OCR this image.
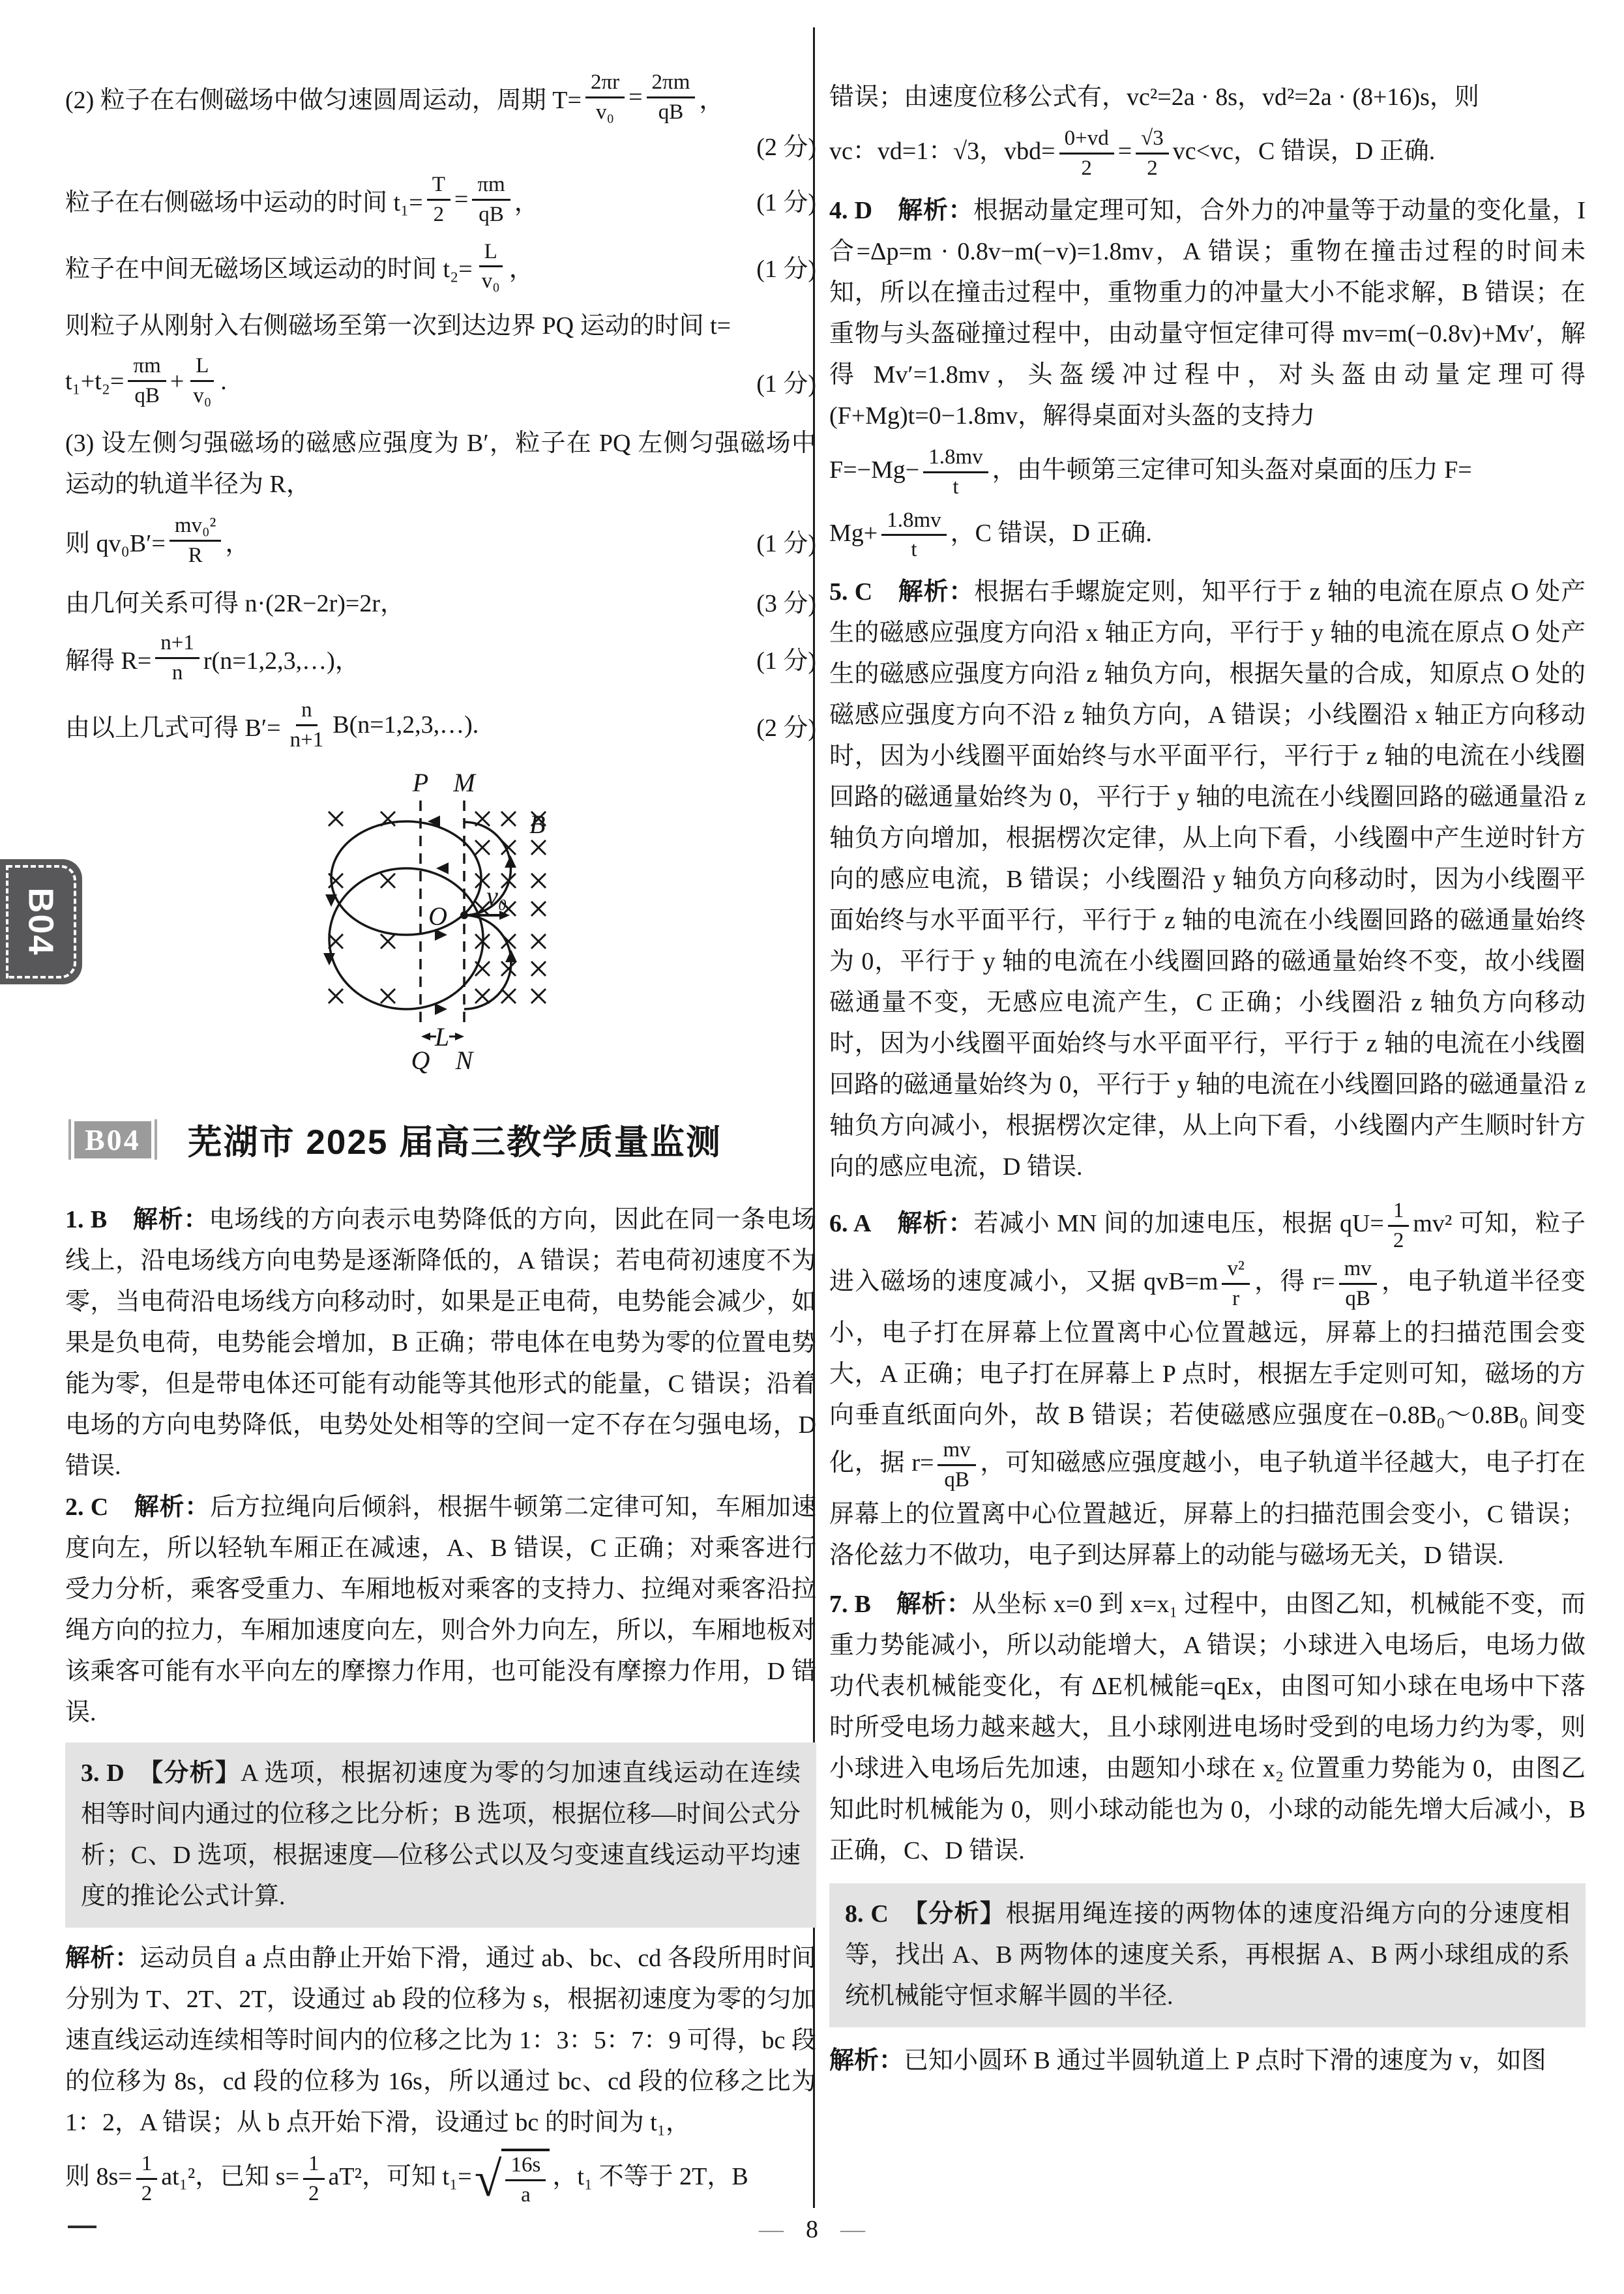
B04
(2) 粒子在右侧磁场中做匀速圆周运动，周期 $T= \frac{2\pi r}{\text{v₀}} = \frac{2\pi m}{qB}$ ，
(2 分)
粒子在右侧磁场中运动的时间 $t_1= \frac{T}{2} = \frac{\pi m}{qB}$ ，	(1 分)
粒子在中间无磁场区域运动的时间 $t_2= \frac{L}{\text{v₀}}$ ，	(1 分)

则粒子从刚射入右侧磁场至第一次到达边界 PQ 运动的时间 t=

$t_1+t_2= \frac{\pi m}{qB} + \frac{L}{\text{v₀}}$ .	(1 分)

(3) 设左侧匀强磁场的磁感应强度为 B′，粒子在 PQ 左侧匀强磁场中运动的轨道半径为 R，

则 $qv_0B'= \frac{\text{mv₀²}}{R}$ ，	(1 分)
由几何关系可得 n·(2R−2r)=2r，	(3 分)
解得 $R= \frac{n+1}{n}$ r(n=1,2,3,…)，	(1 分)
由以上几式可得 $B'= \frac{n}{n+1}$ B(n=1,2,3,…).	(2 分)
P M
Q N
B
O
v₀
L
B04	芜湖市 2025 届高三教学质量监测

1. B　 解析：电场线的方向表示电势降低的方向，因此在同一条电场线上，沿电场线方向电势是逐渐降低的，A 错误；若电荷初速度不为零，当电荷沿电场线方向移动时，如果是正电荷，电势能会减少，如果是负电荷，电势能会增加，B 正确；带电体在电势为零的位置电势能为零，但是带电体还可能有动能等其他形式的能量，C 错误；沿着电场的方向电势降低，电势处处相等的空间一定不存在匀强电场，D 错误.

2. C　 解析：后方拉绳向后倾斜，根据牛顿第二定律可知，车厢加速度向左，所以轻轨车厢正在减速，A、B 错误，C 正确；对乘客进行受力分析，乘客受重力、车厢地板对乘客的支持力、拉绳对乘客沿拉绳方向的拉力，车厢加速度向左，则合外力向左，所以，车厢地板对该乘客可能有水平向左的摩擦力作用，也可能没有摩擦力作用，D 错误.

3. D　 【分析】A 选项，根据初速度为零的匀加速直线运动在连续相等时间内通过的位移之比分析；B 选项，根据位移—时间公式分析；C、D 选项，根据速度—位移公式以及匀变速直线运动平均速度的推论公式计算.

解析：运动员自 a 点由静止开始下滑，通过 ab、bc、cd 各段所用时间分别为 T、2T、2T，设通过 ab 段的位移为 s，根据初速度为零的匀加速直线运动连续相等时间内的位移之比为 1：3：5：7：9 可得，bc 段的位移为 8s，cd 段的位移为 16s，所以通过 bc、cd 段的位移之比为 1：2，A 错误；从 b 点开始下滑，设通过 bc 的时间为 t₁，

则 $8s= \frac{1}{2} at_1^2$，已知 $s= \frac{1}{2} aT^2$，可知 t₁= √ $\frac{16s}{a}$ ，t₁ 不等于 2T，B

错误；由速度位移公式有，vc²=2a · 8s，vd²=2a · (8+16)s，则

vc：vd=1：√3，$vbd= \frac{0+vd}{2} = \frac{√3}{2} vc<vc$，C 错误，D 正确.

4. D　 解析：根据动量定理可知，合外力的冲量等于动量的变化量，I合=Δp=m · 0.8v−m(−v)=1.8mv，A 错误；重物在撞击过程的时间未知，所以在撞击过程中，重物重力的冲量大小不能求解，B 错误；在重物与头盔碰撞过程中，由动量守恒定律可得 mv=m(−0.8v)+Mv′，解得 Mv′=1.8mv，头盔缓冲过程中，对头盔由动量定理可得(F+Mg)t=0−1.8mv，解得桌面对头盔的支持力

$F=-Mg- \frac{1.8mv}{t}$ ，由牛顿第三定律可知头盔对桌面的压力 F=

$Mg+ \frac{1.8mv}{t}$ ，C 错误，D 正确.

5. C　 解析：根据右手螺旋定则，知平行于 z 轴的电流在原点 O 处产生的磁感应强度方向沿 x 轴正方向，平行于 y 轴的电流在原点 O 处产生的磁感应强度方向沿 z 轴负方向，根据矢量的合成，知原点 O 处的磁感应强度方向不沿 z 轴负方向，A 错误；小线圈沿 x 轴正方向移动时，因为小线圈平面始终与水平面平行，平行于 z 轴的电流在小线圈回路的磁通量始终为 0，平行于 y 轴的电流在小线圈回路的磁通量沿 z 轴负方向增加，根据楞次定律，从上向下看，小线圈中产生逆时针方向的感应电流，B 错误；小线圈沿 y 轴负方向移动时，因为小线圈平面始终与水平面平行，平行于 z 轴的电流在小线圈回路的磁通量始终为 0，平行于 y 轴的电流在小线圈回路的磁通量始终不变，故小线圈磁通量不变，无感应电流产生，C 正确；小线圈沿 z 轴负方向移动时，因为小线圈平面始终与水平面平行，平行于 z 轴的电流在小线圈回路的磁通量始终为 0，平行于 y 轴的电流在小线圈回路的磁通量沿 z 轴负方向减小，根据楞次定律，从上向下看，小线圈内产生顺时针方向的感应电流，D 错误.

6. A　 解析：若减小 MN 间的加速电压，根据 $qU= \frac{1}{2} mv^2$ 可知，粒子进入磁场的速度减小，又据 $qvB=m \frac{\text{v²}}{r}$ ，得 $r= \frac{mv}{qB}$ ，电子轨道半径变小，电子打在屏幕上位置离中心位置越远，屏幕上的扫描范围会变大，A 正确；电子打在屏幕上 P 点时，根据左手定则可知，磁场的方向垂直纸面向外，故 B 错误；若使磁感应强度在−0.8B₀～0.8B₀ 间变化，据 $r= \frac{mv}{qB}$ ，可知磁感应强度越小，电子轨道半径越大，电子打在屏幕上的位置离中心位置越近，屏幕上的扫描范围会变小，C 错误；洛伦兹力不做功，电子到达屏幕上的动能与磁场无关，D 错误.

7. B　 解析：从坐标 x=0 到 x=x₁ 过程中，由图乙知，机械能不变，而重力势能减小，所以动能增大，A 错误；小球进入电场后，电场力做功代表机械能变化，有 ΔE机械能=qEx，由图可知小球在电场中下落时所受电场力越来越大，且小球刚进电场时受到的电场力约为零，则小球进入电场后先加速，由题知小球在 x₂ 位置重力势能为 0，由图乙知此时机械能为 0，则小球动能也为 0，小球的动能先增大后减小，B 正确，C、D 错误.

8. C　 【分析】根据用绳连接的两物体的速度沿绳方向的分速度相等，找出 A、B 两物体的速度关系，再根据 A、B 两小球组成的系统机械能守恒求解半圆的半径.

解析：已知小圆环 B 通过半圆轨道上 P 点时下滑的速度为 v，如图

— 8 —
